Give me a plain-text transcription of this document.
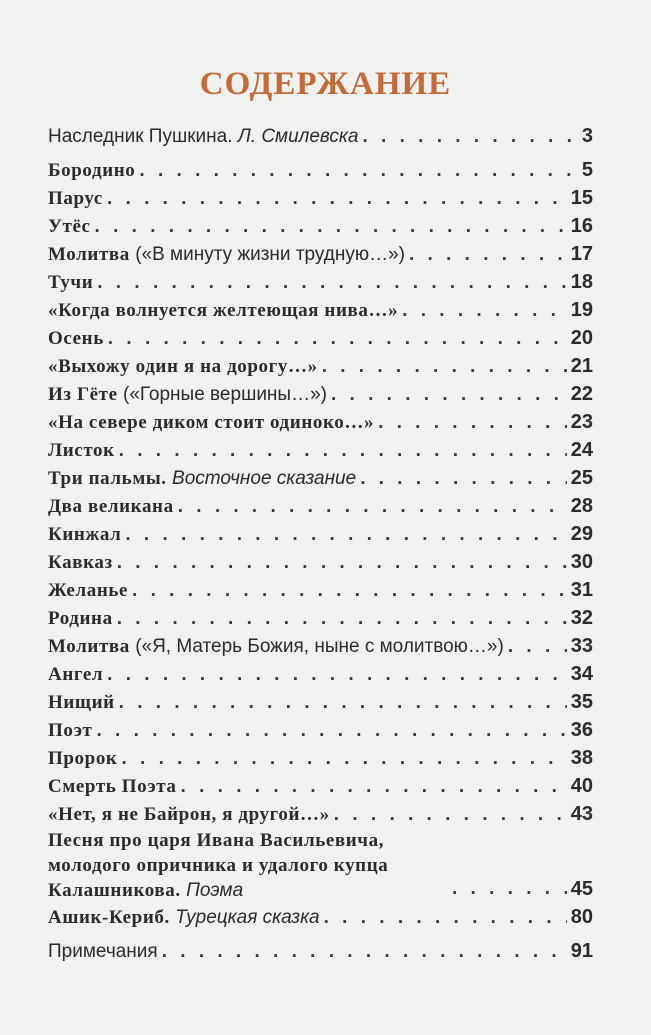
СОДЕРЖАНИЕ
Наследник Пушкина. Л. Смилевска . . .	3
Бородино . . .	5
Парус . . .	15
Утёс . . .	16
Молитва («В минуту жизни трудную…») . . .	17
Тучи . . .	18
«Когда волнуется желтеющая нива…» . . .	19
Осень . . .	20
«Выхожу один я на дорогу…» . . .	21
Из Гёте («Горные вершины…») . . .	22
«На севере диком стоит одиноко…» . . .	23
Листок . . .	24
Три пальмы. Восточное сказание . . .	25
Два великана . . .	28
Кинжал . . .	29
Кавказ . . .	30
Желанье . . .	31
Родина . . .	32
Молитва («Я, Матерь Божия, ныне с молитвою…») . . .	33
Ангел . . .	34
Нищий . . .	35
Поэт . . .	36
Пророк . . .	38
Смерть Поэта . . .	40
«Нет, я не Байрон, я другой…» . . .	43
Песня про царя Ивана Васильевича, молодого опричника и удалого купца Калашникова. Поэма . . .	45
Ашик-Кериб. Турецкая сказка . . .	80
Примечания . . .	91
